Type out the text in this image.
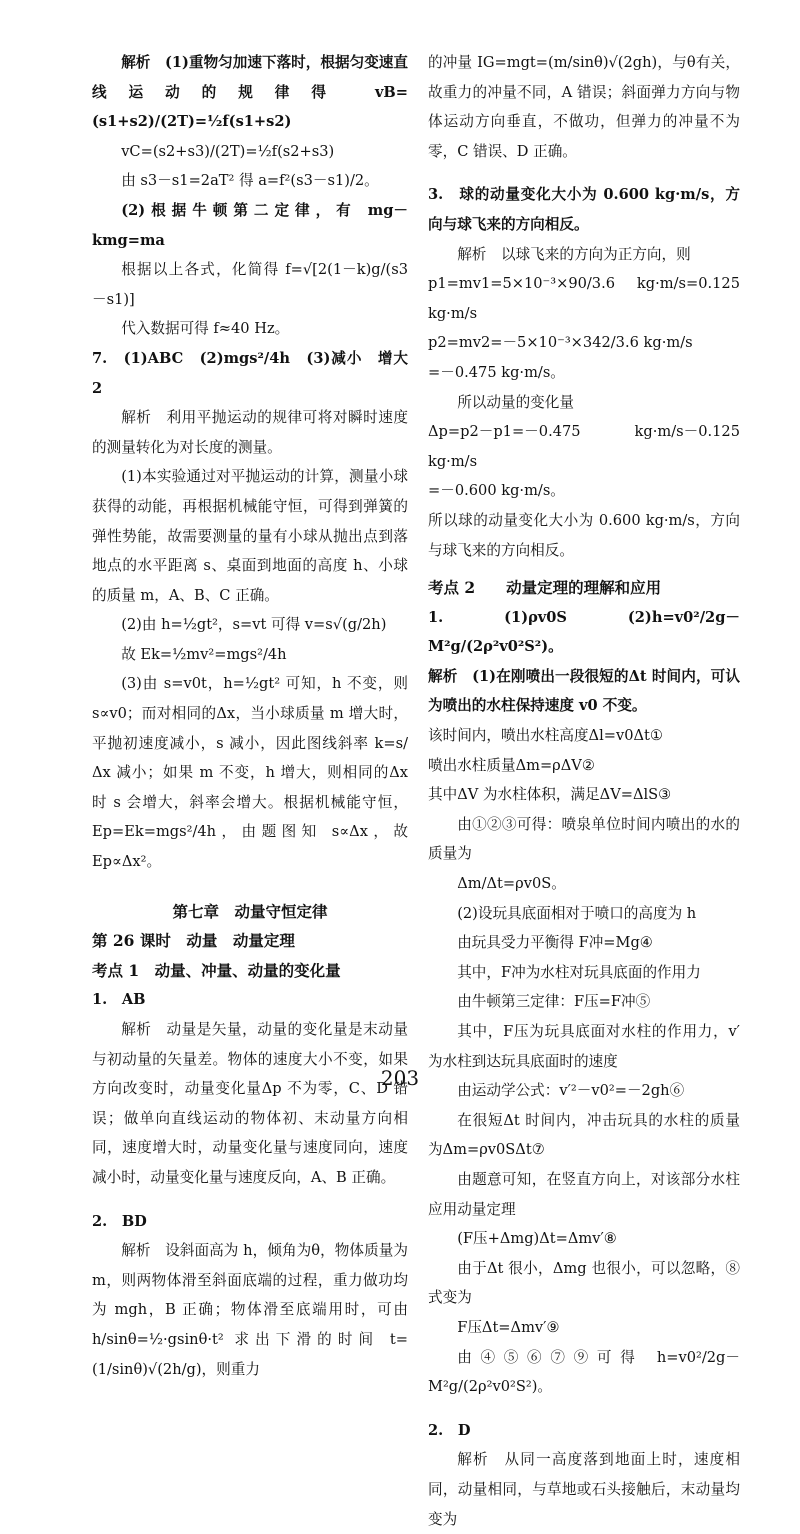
解析　(1)重物匀加速下落时，根据匀变速直线运动的规律得 vB=(s1+s2)/(2T)=½f(s1+s2)

vC=(s2+s3)/(2T)=½f(s2+s3)

由 s3－s1=2aT² 得 a=f²(s3－s1)/2。

(2)根据牛顿第二定律，有 mg－kmg=ma

根据以上各式，化简得 f=√[2(1－k)g/(s3－s1)]

代入数据可得 f≈40 Hz。

7.　(1)ABC　(2)mgs²/4h　(3)减小　增大　2

解析　利用平抛运动的规律可将对瞬时速度的测量转化为对长度的测量。

(1)本实验通过对平抛运动的计算，测量小球获得的动能，再根据机械能守恒，可得到弹簧的弹性势能，故需要测量的量有小球从抛出点到落地点的水平距离 s、桌面到地面的高度 h、小球的质量 m，A、B、C 正确。

(2)由 h=½gt²，s=vt 可得 v=s√(g/2h)

故 Ek=½mv²=mgs²/4h

(3)由 s=v0t，h=½gt² 可知，h 不变，则 s∝v0；而对相同的Δx，当小球质量 m 增大时，平抛初速度减小，s 减小，因此图线斜率 k=s/Δx 减小；如果 m 不变，h 增大，则相同的Δx 时 s 会增大，斜率会增大。根据机械能守恒，Ep=Ek=mgs²/4h，由题图知 s∝Δx，故 Ep∝Δx²。

第七章　动量守恒定律
第 26 课时　动量　动量定理
考点 1　动量、冲量、动量的变化量

1.　AB

解析　动量是矢量，动量的变化量是末动量与初动量的矢量差。物体的速度大小不变，如果方向改变时，动量变化量Δp 不为零，C、D 错误；做单向直线运动的物体初、末动量方向相同，速度增大时，动量变化量与速度同向，速度减小时，动量变化量与速度反向，A、B 正确。

2.　BD

解析　设斜面高为 h，倾角为θ，物体质量为 m，则两物体滑至斜面底端的过程，重力做功均为 mgh，B 正确；物体滑至底端用时，可由 h/sinθ=½·gsinθ·t² 求出下滑的时间 t=(1/sinθ)√(2h/g)，则重力

的冲量 IG=mgt=(m/sinθ)√(2gh)，与θ有关，故重力的冲量不同，A 错误；斜面弹力方向与物体运动方向垂直，不做功，但弹力的冲量不为零，C 错误、D 正确。

3.　球的动量变化大小为 0.600 kg·m/s，方向与球飞来的方向相反。

解析　以球飞来的方向为正方向，则

p1=mv1=5×10⁻³×90/3.6 kg·m/s=0.125 kg·m/s

p2=mv2=－5×10⁻³×342/3.6 kg·m/s

=－0.475 kg·m/s。

所以动量的变化量

Δp=p2－p1=－0.475 kg·m/s－0.125 kg·m/s

=－0.600 kg·m/s。

所以球的动量变化大小为 0.600 kg·m/s，方向与球飞来的方向相反。

考点 2　　动量定理的理解和应用

1.　(1)ρv0S　(2)h=v0²/2g－M²g/(2ρ²v0²S²)。

解析　(1)在刚喷出一段很短的Δt 时间内，可认为喷出的水柱保持速度 v0 不变。

该时间内，喷出水柱高度Δl=v0Δt①

喷出水柱质量Δm=ρΔV②

其中ΔV 为水柱体积，满足ΔV=ΔlS③

由①②③可得：喷泉单位时间内喷出的水的质量为

Δm/Δt=ρv0S。

(2)设玩具底面相对于喷口的高度为 h

由玩具受力平衡得 F冲=Mg④

其中，F冲为水柱对玩具底面的作用力

由牛顿第三定律：F压=F冲⑤

其中，F压为玩具底面对水柱的作用力，v′为水柱到达玩具底面时的速度

由运动学公式：v′²－v0²=－2gh⑥

在很短Δt 时间内，冲击玩具的水柱的质量为Δm=ρv0SΔt⑦

由题意可知，在竖直方向上，对该部分水柱应用动量定理

(F压+Δmg)Δt=Δmv′⑧

由于Δt 很小，Δmg 也很小，可以忽略，⑧式变为

F压Δt=Δmv′⑨

由④⑤⑥⑦⑨可得 h=v0²/2g－M²g/(2ρ²v0²S²)。

2.　D

解析　从同一高度落到地面上时，速度相同，动量相同，与草地或石头接触后，末动量均变为

203
